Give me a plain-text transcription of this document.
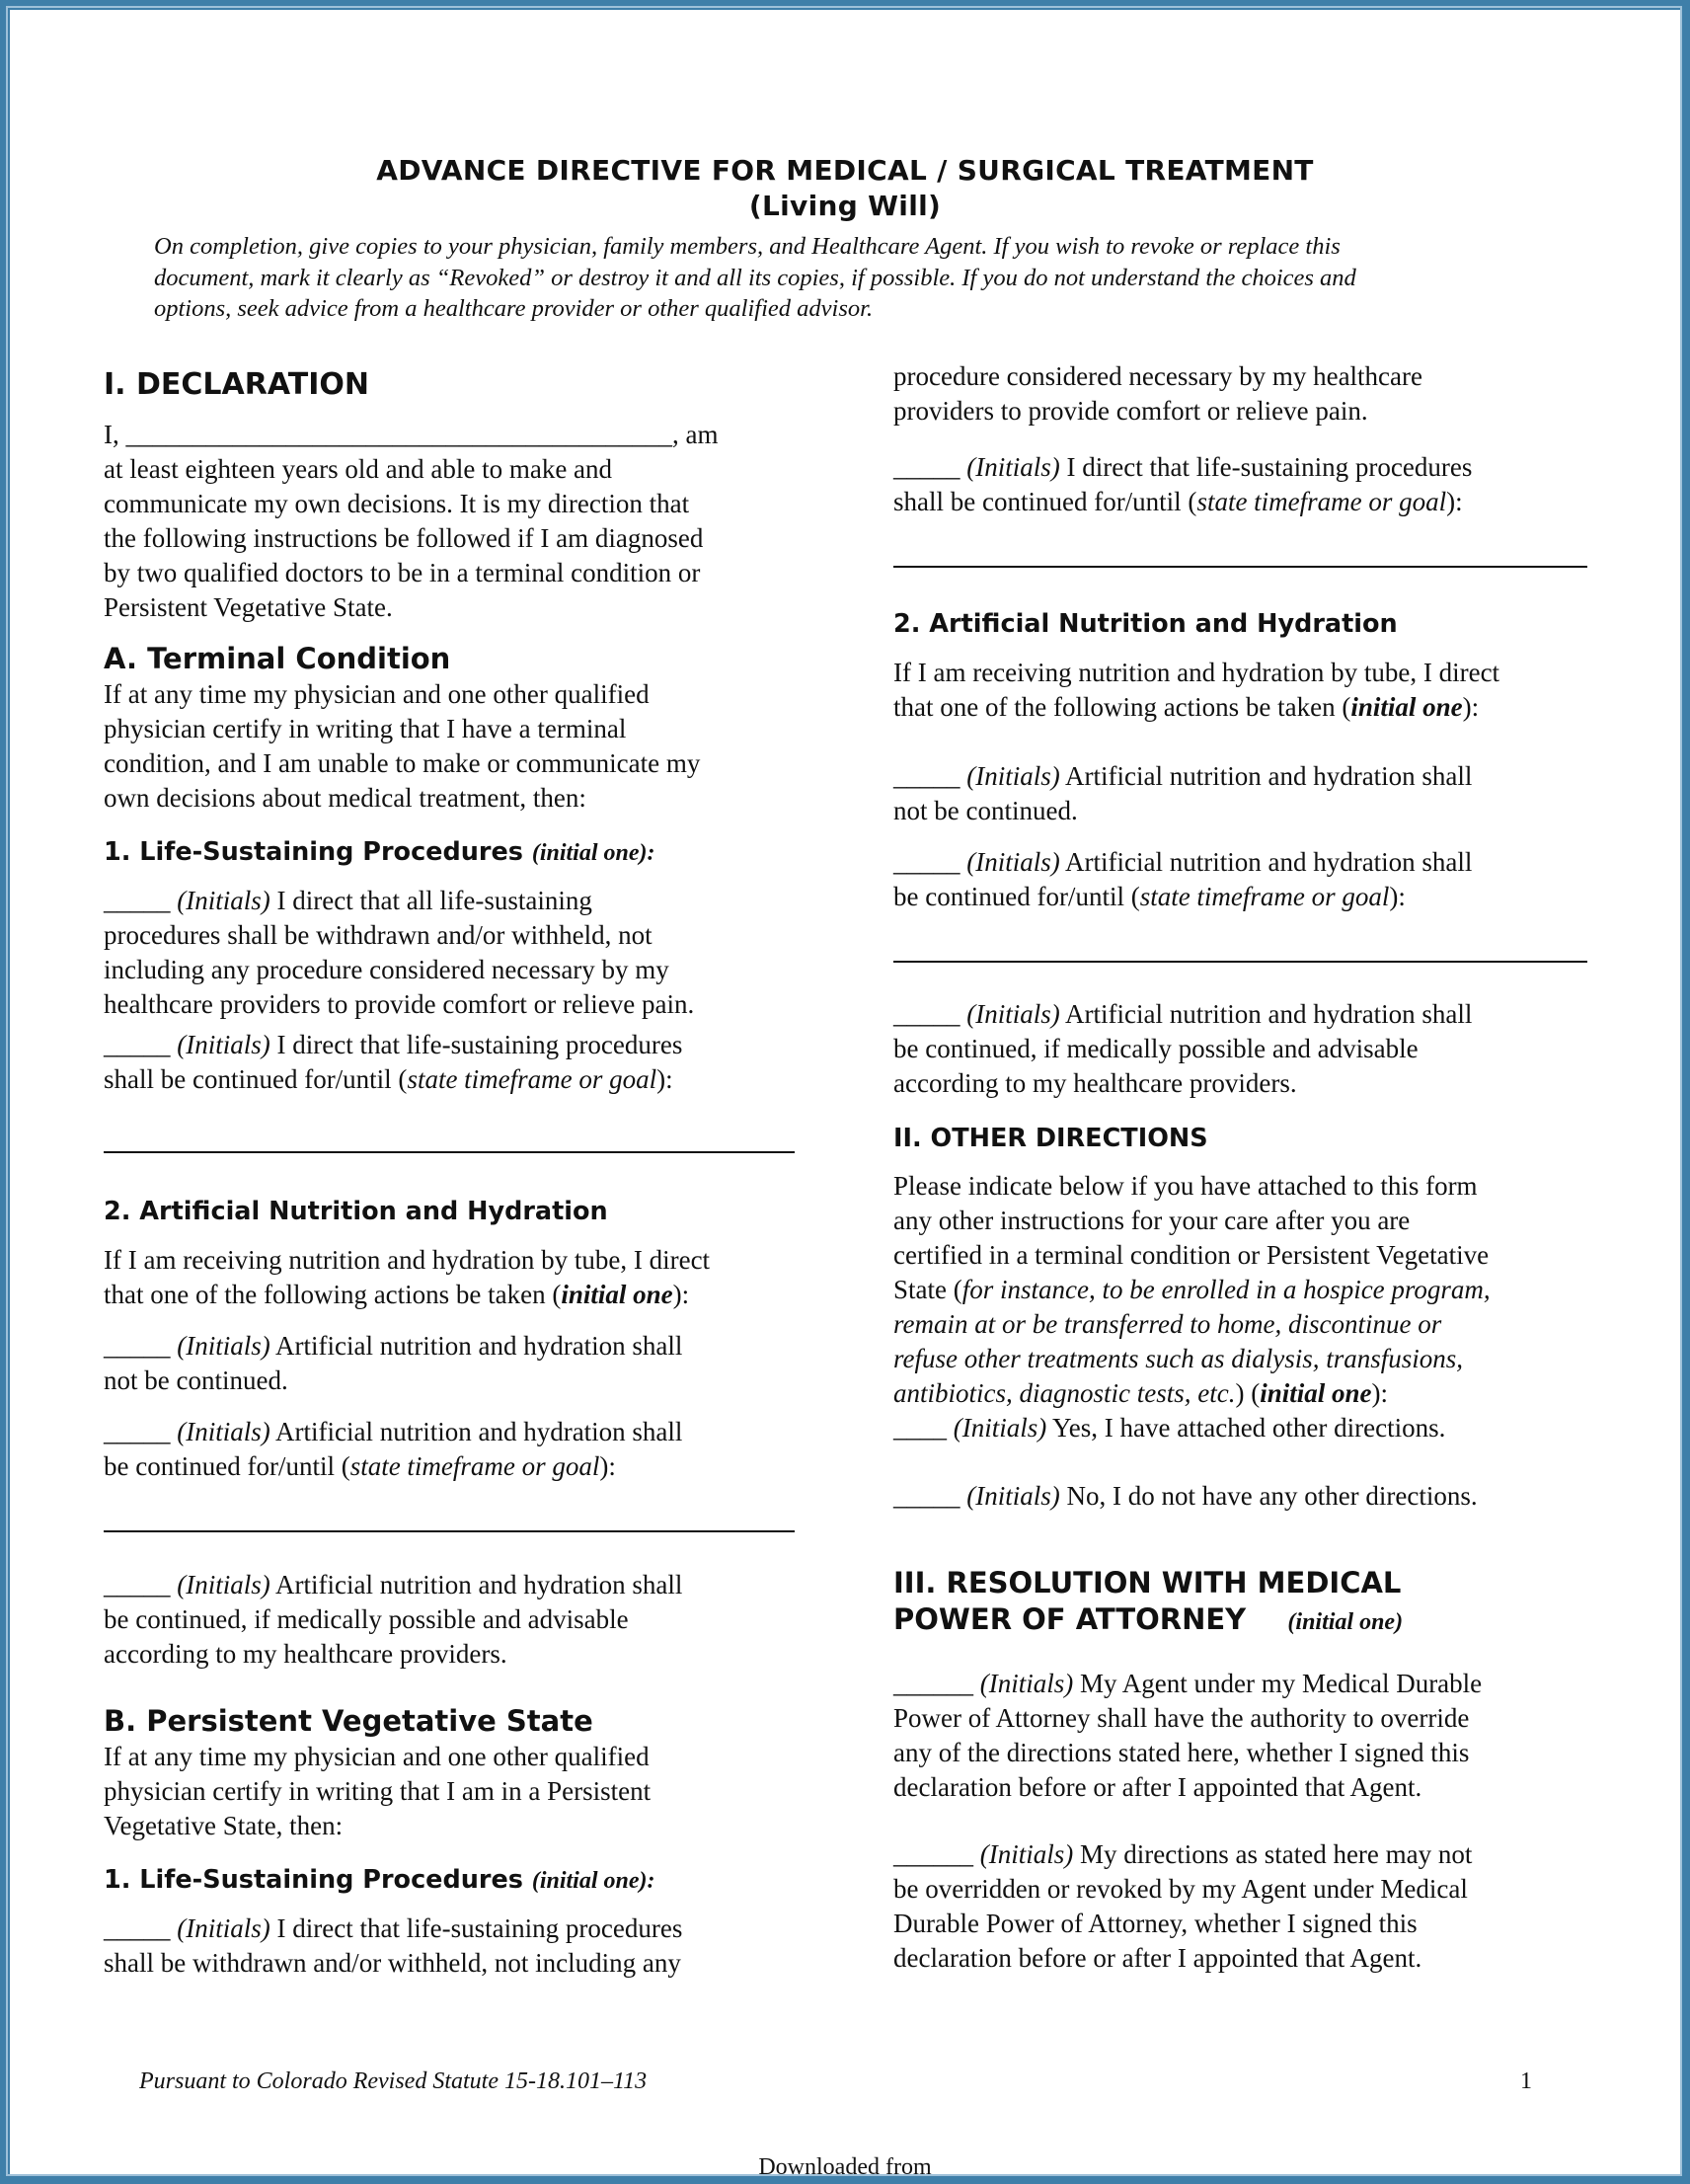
ADVANCE DIRECTIVE FOR MEDICAL / SURGICAL TREATMENT
(Living Will)
On completion, give copies to your physician, family members, and Healthcare Agent. If you wish to revoke or replace this
document, mark it clearly as “Revoked” or destroy it and all its copies, if possible. If you do not understand the choices and
options, seek advice from a healthcare provider or other qualified advisor.
I. DECLARATION
I, _________________________________________, am
at least eighteen years old and able to make and
communicate my own decisions. It is my direction that
the following instructions be followed if I am diagnosed
by two qualified doctors to be in a terminal condition or
Persistent Vegetative State.
A. Terminal Condition
If at any time my physician and one other qualified
physician certify in writing that I have a terminal
condition, and I am unable to make or communicate my
own decisions about medical treatment, then:
1. Life-Sustaining Procedures (initial one):
_____ (Initials) I direct that all life-sustaining
procedures shall be withdrawn and/or withheld, not
including any procedure considered necessary by my
healthcare providers to provide comfort or relieve pain.
_____ (Initials) I direct that life-sustaining procedures
shall be continued for/until (state timeframe or goal):
2. Artificial Nutrition and Hydration
If I am receiving nutrition and hydration by tube, I direct
that one of the following actions be taken (initial one):
_____ (Initials) Artificial nutrition and hydration shall
not be continued.
_____ (Initials) Artificial nutrition and hydration shall
be continued for/until (state timeframe or goal):
_____ (Initials) Artificial nutrition and hydration shall
be continued, if medically possible and advisable
according to my healthcare providers.
B. Persistent Vegetative State
If at any time my physician and one other qualified
physician certify in writing that I am in a Persistent
Vegetative State, then:
1. Life-Sustaining Procedures (initial one):
_____ (Initials) I direct that life-sustaining procedures
shall be withdrawn and/or withheld, not including any
procedure considered necessary by my healthcare
providers to provide comfort or relieve pain.
_____ (Initials) I direct that life-sustaining procedures
shall be continued for/until (state timeframe or goal):
2. Artificial Nutrition and Hydration
If I am receiving nutrition and hydration by tube, I direct
that one of the following actions be taken (initial one):
_____ (Initials) Artificial nutrition and hydration shall
not be continued.
_____ (Initials) Artificial nutrition and hydration shall
be continued for/until (state timeframe or goal):
_____ (Initials) Artificial nutrition and hydration shall
be continued, if medically possible and advisable
according to my healthcare providers.
II. OTHER DIRECTIONS
Please indicate below if you have attached to this form
any other instructions for your care after you are
certified in a terminal condition or Persistent Vegetative
State (for instance, to be enrolled in a hospice program,
remain at or be transferred to home, discontinue or
refuse other treatments such as dialysis, transfusions,
antibiotics, diagnostic tests, etc.) (initial one):
____ (Initials) Yes, I have attached other directions.
_____ (Initials) No, I do not have any other directions.
III. RESOLUTION WITH MEDICAL
POWER OF ATTORNEY (initial one)
______ (Initials) My Agent under my Medical Durable
Power of Attorney shall have the authority to override
any of the directions stated here, whether I signed this
declaration before or after I appointed that Agent.
______ (Initials) My directions as stated here may not
be overridden or revoked by my Agent under Medical
Durable Power of Attorney, whether I signed this
declaration before or after I appointed that Agent.
Pursuant to Colorado Revised Statute 15-18.101–113	1
Downloaded from
